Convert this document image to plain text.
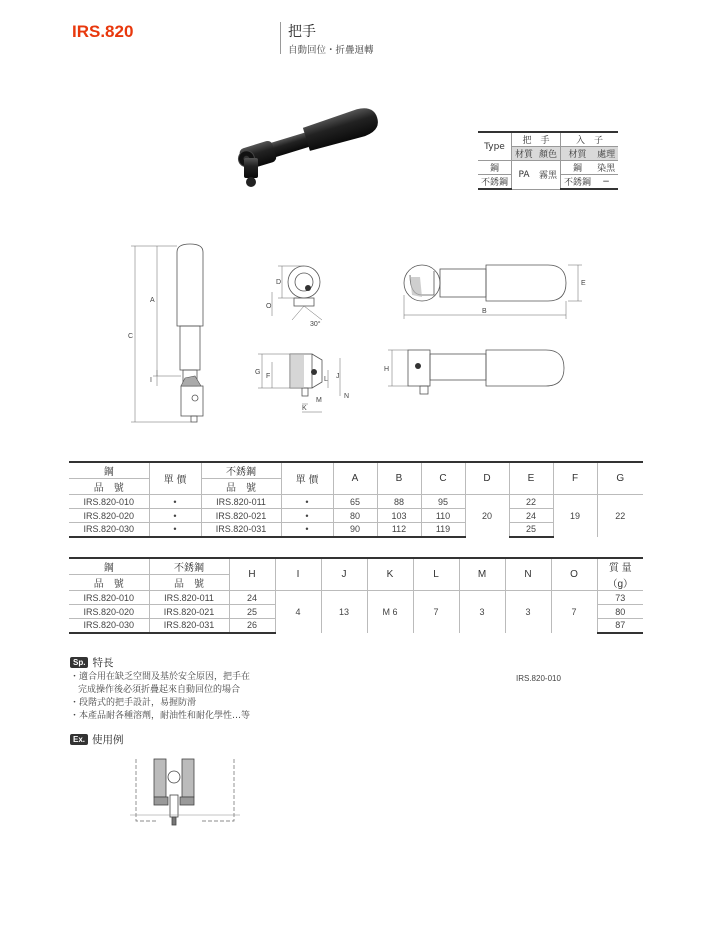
IRS.820	把手
自動回位・折疊迴轉
Type	把　手		入　子	
	材質	顏色	材質	處理
鋼	PA	霧黑	鋼	染黑
不銹鋼			不銹鋼	−
C
A
I
D
O
30°
G
F	L J
N
M
K
B
E
H
鋼	單 價	不銹鋼	單 價	A	B	C	D	E	F	G
品　號		品　號								
IRS.820-010	•	IRS.820-011	•	65	88	95	20	22	19	22
IRS.820-020	•	IRS.820-021	•	80	103	110		24		
IRS.820-030	•	IRS.820-031	•	90	112	119		25		
鋼	不銹鋼	H	I	J	K	L	M	N	O	質 量
品　號	品　號									（g）
IRS.820-010	IRS.820-011	24	4	13	M 6	7	3	3	7	73
IRS.820-020	IRS.820-021	25								80
IRS.820-030	IRS.820-031	26								87
Sp. 特長
・適合用在缺乏空間及基於安全原因，把手在
完成操作後必須折疊起來自動回位的場合
・段階式的把手設計，易握防滑
・本產品耐各種溶劑，耐油性和耐化學性…等
IRS.820-010
Ex. 使用例
